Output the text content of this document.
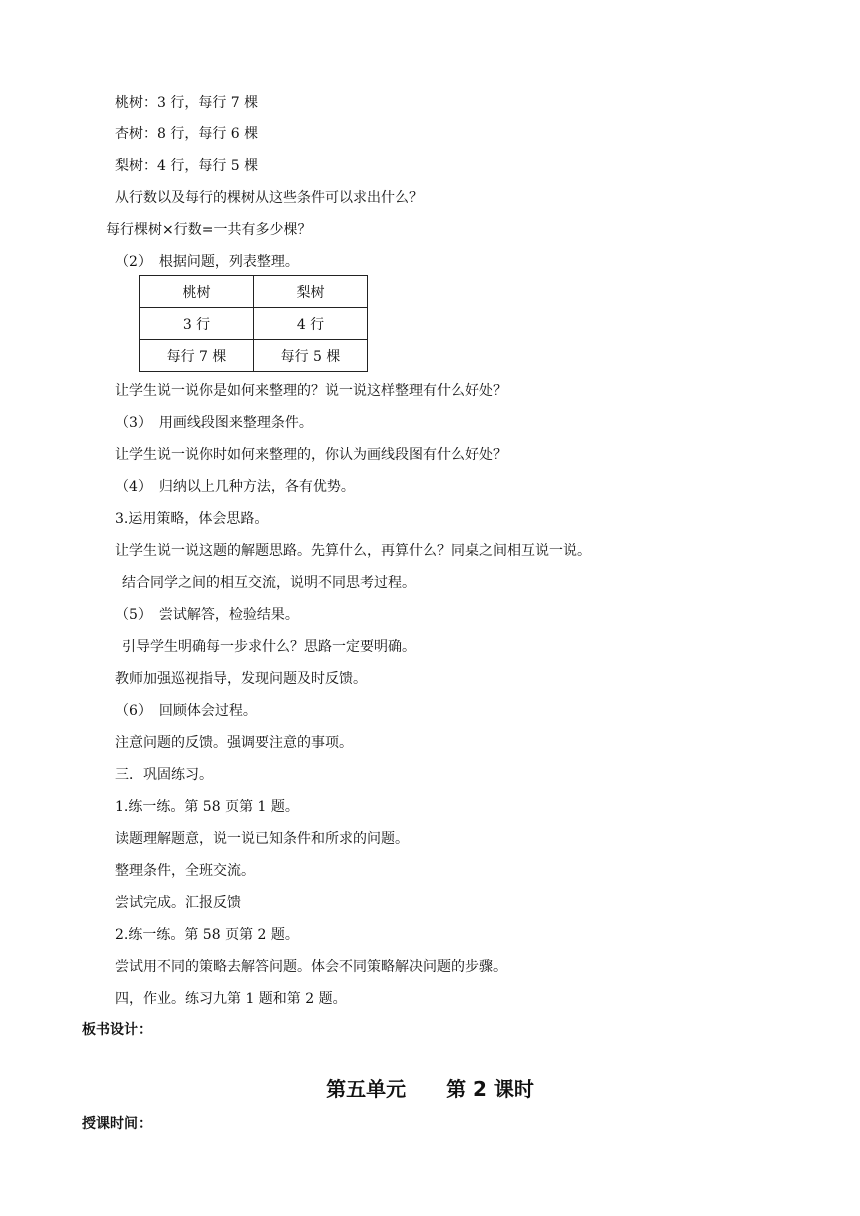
桃树：3 行，每行 7 棵
杏树：8 行，每行 6 棵
梨树：4 行，每行 5 棵
从行数以及每行的棵树从这些条件可以求出什么？
每行棵树×行数=一共有多少棵？
（2）　根据问题，列表整理。
桃树	梨树
3 行	4 行
每行 7 棵	每行 5 棵
让学生说一说你是如何来整理的？说一说这样整理有什么好处？
（3）　用画线段图来整理条件。
让学生说一说你时如何来整理的，你认为画线段图有什么好处？
（4）　归纳以上几种方法，各有优势。
3.运用策略，体会思路。
让学生说一说这题的解题思路。先算什么，再算什么？同桌之间相互说一说。
结合同学之间的相互交流，说明不同思考过程。
（5）　尝试解答，检验结果。
引导学生明确每一步求什么？思路一定要明确。
教师加强巡视指导，发现问题及时反馈。
（6）　回顾体会过程。
注意问题的反馈。强调要注意的事项。
三．巩固练习。
1.练一练。第 58 页第 1 题。
读题理解题意，说一说已知条件和所求的问题。
整理条件，全班交流。
尝试完成。汇报反馈
2.练一练。第 58 页第 2 题。
尝试用不同的策略去解答问题。体会不同策略解决问题的步骤。
四，作业。练习九第 1 题和第 2 题。
板书设计：
第五单元　　第 2 课时
授课时间：
